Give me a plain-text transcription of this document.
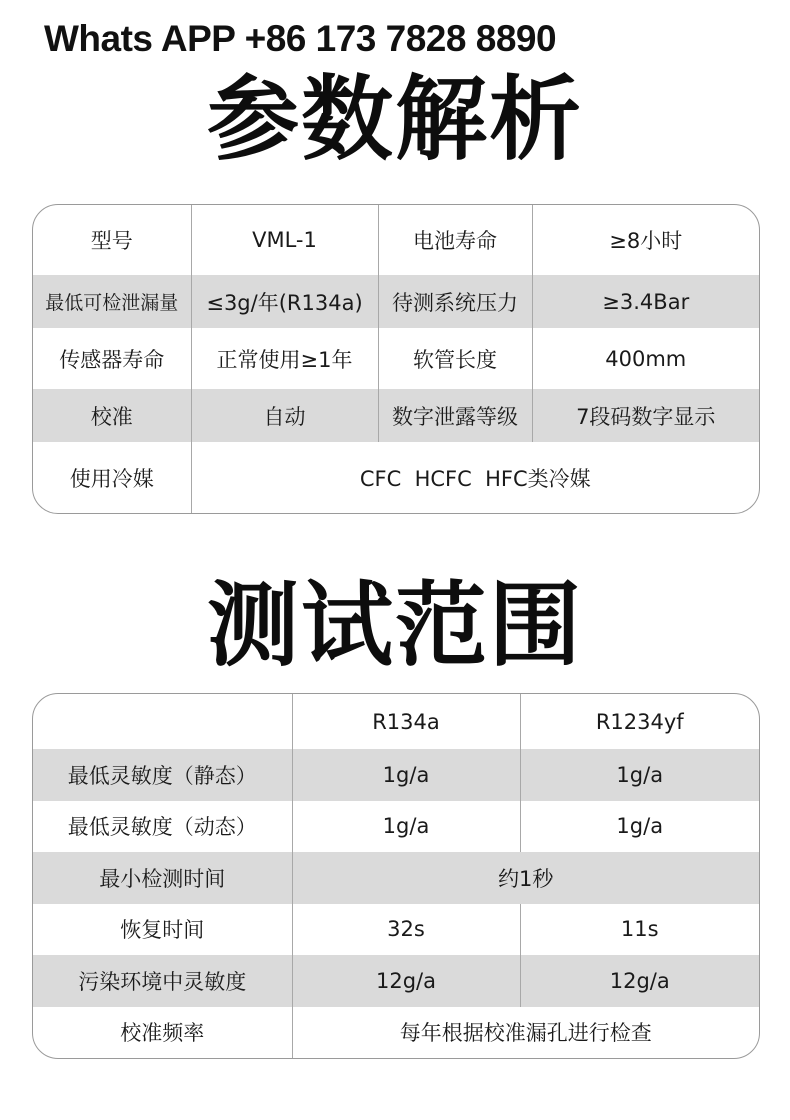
Whats APP +86 173 7828 8890
参数解析
型号	VML-1	电池寿命	≥8小时
最低可检泄漏量	≤3g/年(R134a)	待测系统压力	≥3.4Bar
传感器寿命	正常使用≥1年	软管长度	400mm
校准	自动	数字泄露等级	7段码数字显示
使用冷媒	CFC  HCFC  HFC类冷媒		
测试范围
	R134a	R1234yf
最低灵敏度（静态）	1g/a	1g/a
最低灵敏度（动态）	1g/a	1g/a
最小检测时间	约1秒	
恢复时间	32s	11s
污染环境中灵敏度	12g/a	12g/a
校准频率	每年根据校准漏孔进行检查	
